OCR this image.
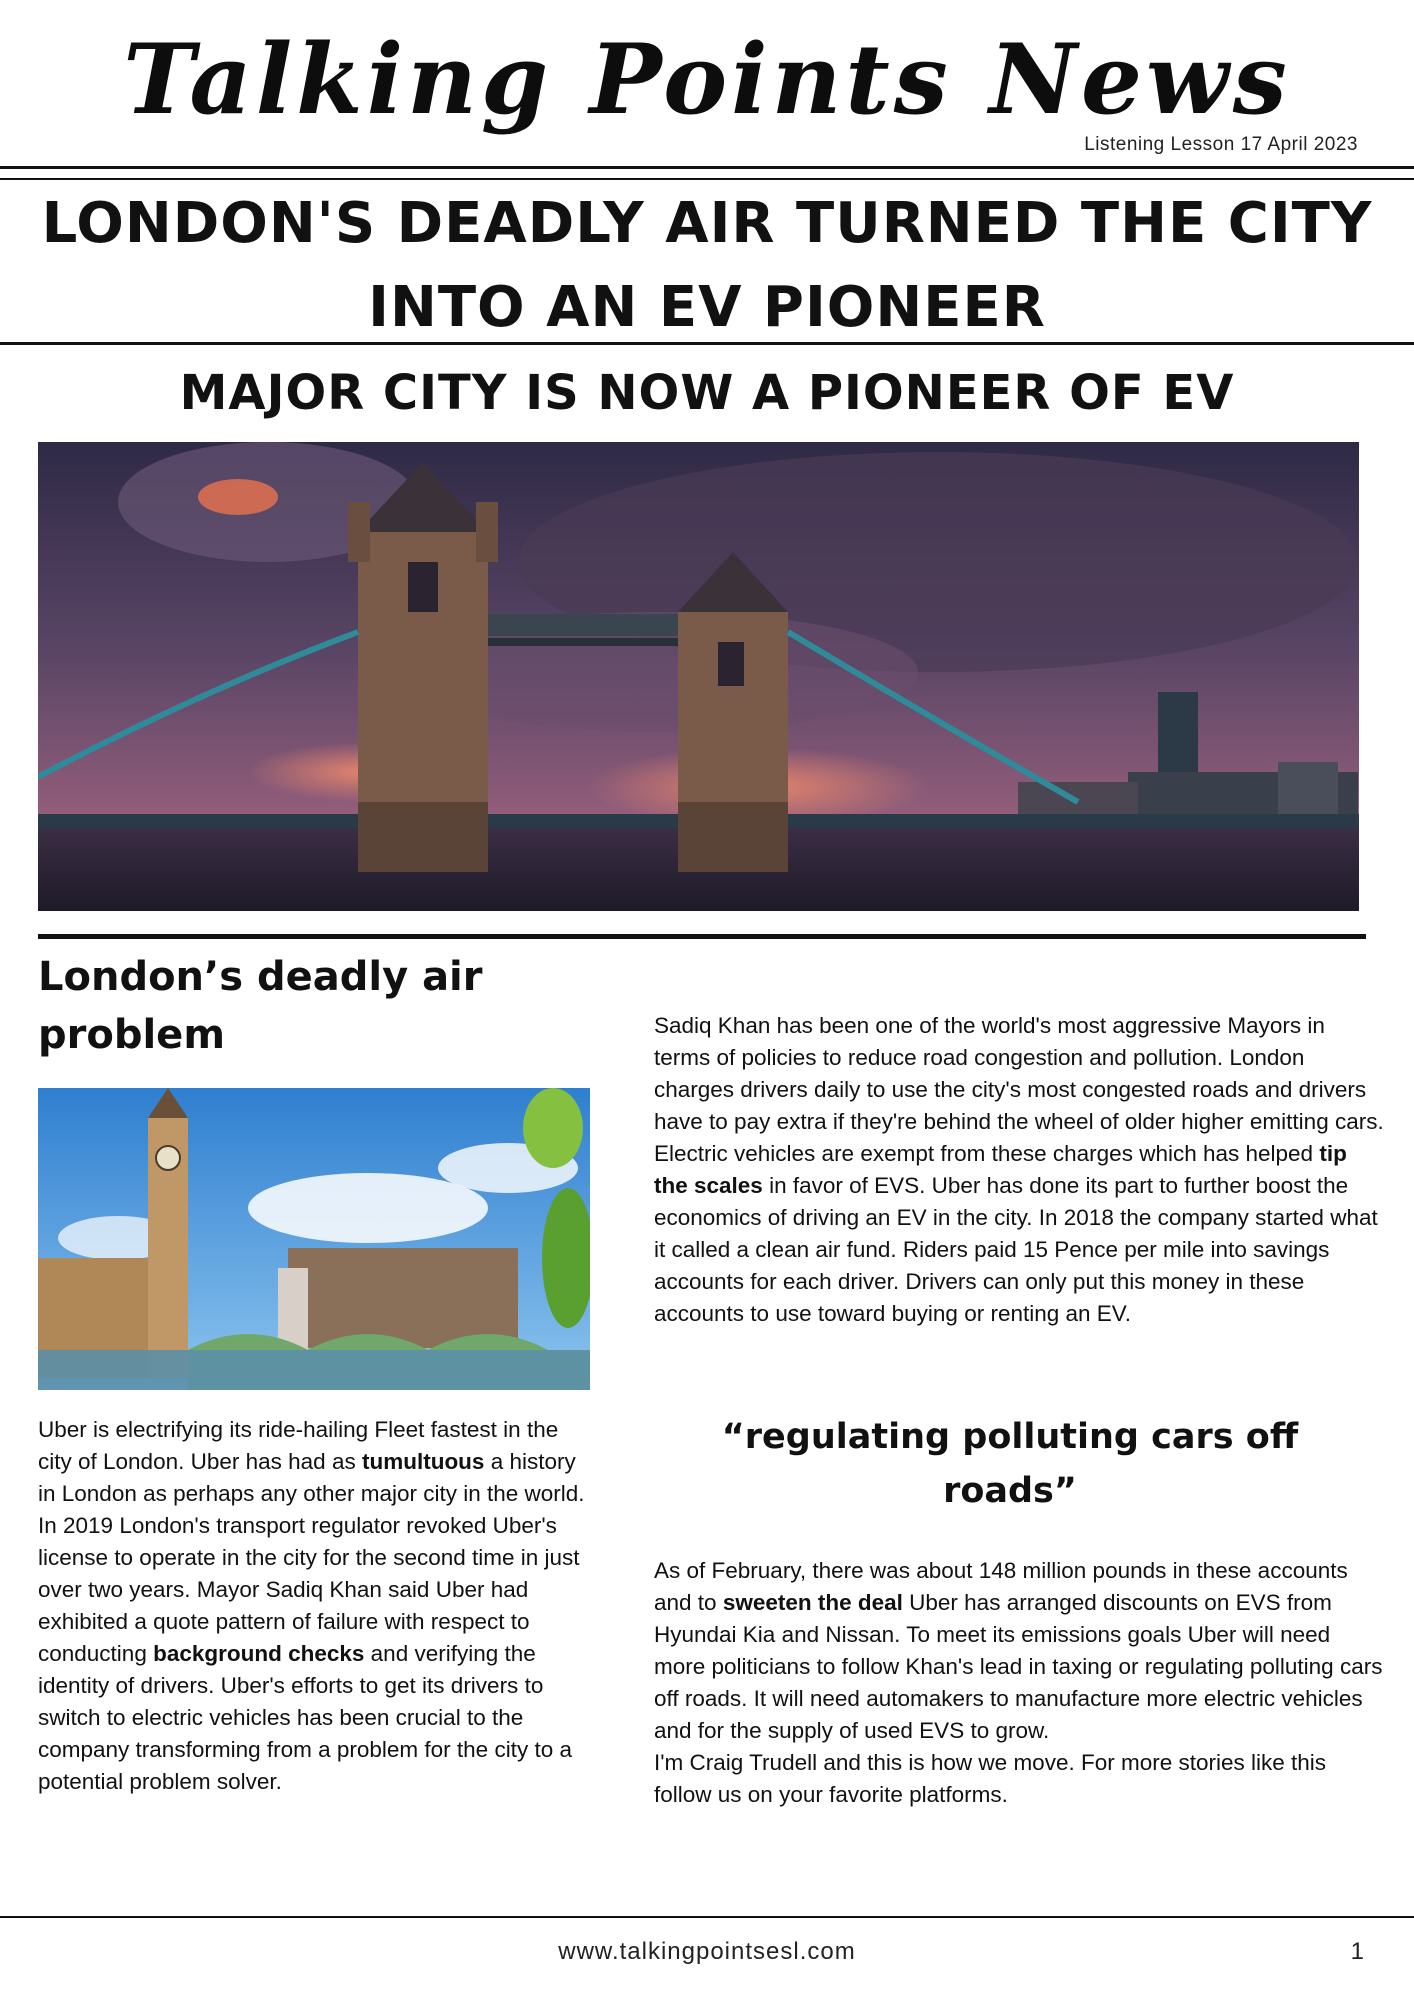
Talking Points News
Listening Lesson 17 April 2023
LONDON'S DEADLY AIR TURNED THE CITY
INTO AN EV PIONEER
MAJOR CITY IS NOW A PIONEER OF EV
London’s deadly air
problem
Uber is electrifying its ride-hailing Fleet fastest in the city of London. Uber has had as tumultuous a history in London as perhaps any other major city in the world. In 2019 London's transport regulator revoked Uber's license to operate in the city for the second time in just over two years. Mayor Sadiq Khan said Uber had exhibited a quote pattern of failure with respect to conducting background checks and verifying the identity of drivers. Uber's efforts to get its drivers to switch to electric vehicles has been crucial to the company transforming from a problem for the city to a potential problem solver.
Sadiq Khan has been one of the world's most aggressive Mayors in terms of policies to reduce road congestion and pollution. London charges drivers daily to use the city's most congested roads and drivers have to pay extra if they're behind the wheel of older higher emitting cars. Electric vehicles are exempt from these charges which has helped tip the scales in favor of EVS. Uber has done its part to further boost the economics of driving an EV in the city. In 2018 the company started what it called a clean air fund. Riders paid 15 Pence per mile into savings accounts for each driver. Drivers can only put this money in these accounts to use toward buying or renting an EV.
“regulating polluting cars off
roads”
As of February, there was about 148 million pounds in these accounts and to sweeten the deal Uber has arranged discounts on EVS from Hyundai Kia and Nissan. To meet its emissions goals Uber will need more politicians to follow Khan's lead in taxing or regulating polluting cars off roads. It will need automakers to manufacture more electric vehicles and for the supply of used EVS to grow.
I'm Craig Trudell and this is how we move. For more stories like this follow us on your favorite platforms.
www.talkingpointsesl.com	1
